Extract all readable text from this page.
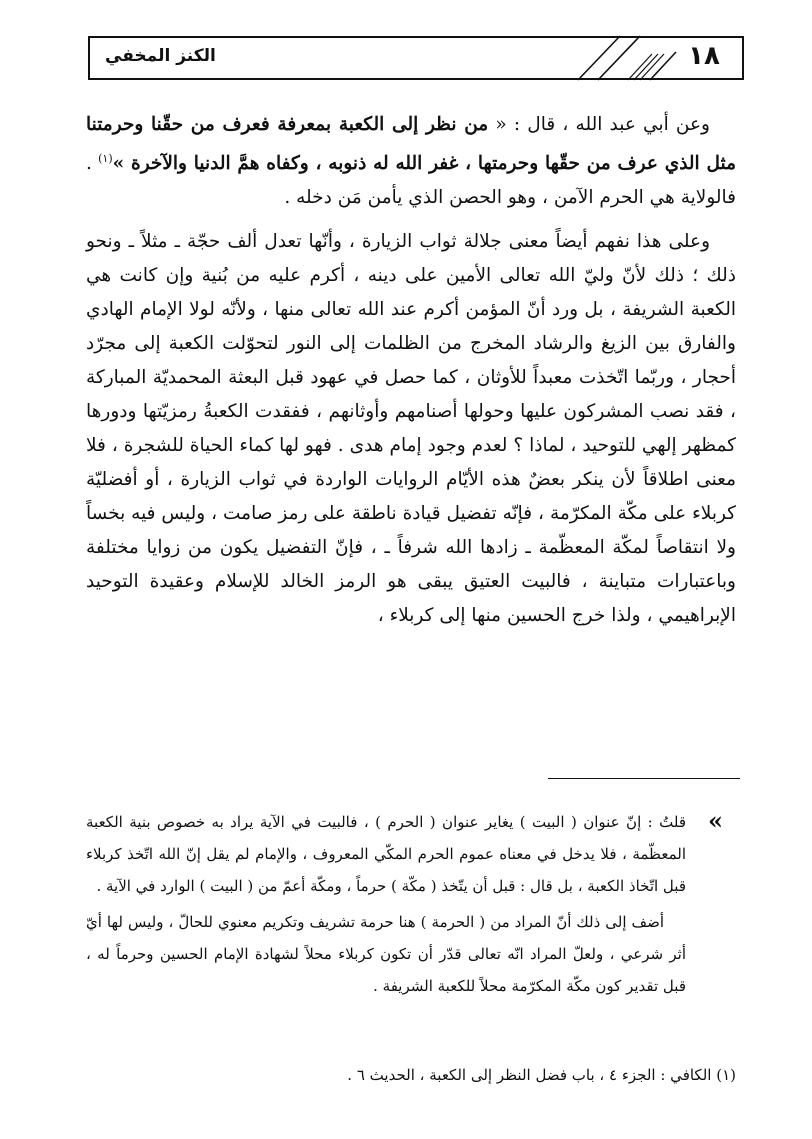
الكنز المخفي	١٨

وعن أبي عبد الله ، قال : « من نظر إلى الكعبة بمعرفة فعرف من حقّنا وحرمتنا مثل الذي عرف من حقّها وحرمتها ، غفر الله له ذنوبه ، وكفاه همَّ الدنيا والآخرة »$^{(١)}$ . فالولاية هي الحرم الآمن ، وهو الحصن الذي يأمن مَن دخله .

وعلى هذا نفهم أيضاً معنى جلالة ثواب الزيارة ، وأنّها تعدل ألف حجّة ـ مثلاً ـ ونحو ذلك ؛ ذلك لأنّ وليّ الله تعالى الأمين على دينه ، أكرم عليه من بُنية وإن كانت هي الكعبة الشريفة ، بل ورد أنّ المؤمن أكرم عند الله تعالى منها ، ولأنّه لولا الإمام الهادي والفارق بين الزيغ والرشاد المخرج من الظلمات إلى النور لتحوّلت الكعبة إلى مجرّد أحجار ، وربّما اتّخذت معبداً للأوثان ، كما حصل في عهود قبل البعثة المحمديّة المباركة ، فقد نصب المشركون عليها وحولها أصنامهم وأوثانهم ، ففقدت الكعبةُ رمزيّتها ودورها كمظهر إلهي للتوحيد ، لماذا ؟ لعدم وجود إمام هدى . فهو لها كماء الحياة للشجرة ، فلا معنى اطلاقاً لأن ينكر بعضٌ هذه الأيّام الروايات الواردة في ثواب الزيارة ، أو أفضليّة كربلاء على مكّة المكرّمة ، فإنّه تفضيل قيادة ناطقة على رمز صامت ، وليس فيه بخساً ولا انتقاصاً لمكّة المعظّمة ـ زادها الله شرفاً ـ ، فإنّ التفضيل يكون من زوايا مختلفة وباعتبارات متباينة ، فالبيت العتيق يبقى هو الرمز الخالد للإسلام وعقيدة التوحيد الإبراهيمي ، ولذا خرج الحسين منها إلى كربلاء ،

«

قلتُ : إنّ عنوان ( البيت ) يغاير عنوان ( الحرم ) ، فالبيت في الآية يراد به خصوص بنية الكعبة المعظّمة ، فلا يدخل في معناه عموم الحرم المكّي المعروف ، والإمام لم يقل إنّ الله اتّخذ كربلاء قبل اتّخاذ الكعبة ، بل قال : قبل أن يتّخذ ( مكّة ) حرماً ، ومكّة أعمّ من ( البيت ) الوارد في الآية .

أضف إلى ذلك أنّ المراد من ( الحرمة ) هنا حرمة تشريف وتكريم معنوي للحالّ ، وليس لها أيّ أثر شرعي ، ولعلّ المراد انّه تعالى قدّر أن تكون كربلاء محلاً لشهادة الإمام الحسين وحرماً له ، قبل تقدير كون مكّة المكرّمة محلاً للكعبة الشريفة .

(١) الكافي : الجزء ٤ ، باب فضل النظر إلى الكعبة ، الحديث ٦ .
